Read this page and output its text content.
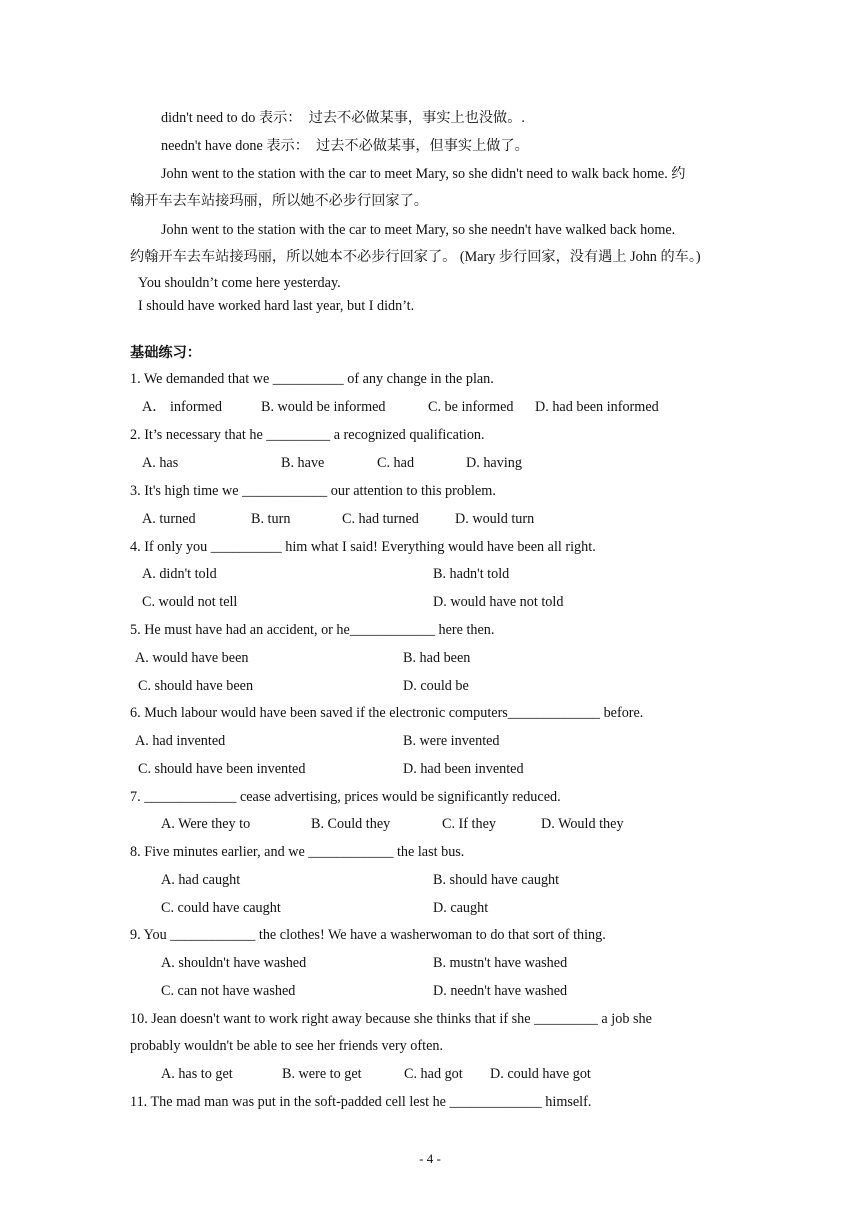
didn't need to do 表示：　过去不必做某事，事实上也没做。.
needn't have done 表示：　过去不必做某事，但事实上做了。
John went to the station with the car to meet Mary, so she didn't need to walk back home. 约
翰开车去车站接玛丽，所以她不必步行回家了。
John went to the station with the car to meet Mary, so she needn't have walked back home.
约翰开车去车站接玛丽，所以她本不必步行回家了。 (Mary 步行回家，没有遇上 John 的车。)
You shouldn’t come here yesterday.
I should have worked hard last year, but I didn’t.
基础练习：
1. We demanded that we __________ of any change in the plan.
A． informed	B. would be informed	C. be informed D. had been informed
2. It’s necessary that he _________ a recognized qualification.
A. has	B. have	C. had	D. having
3. It's high time we ____________ our attention to this problem.
A. turned	B. turn	C. had turned	D. would turn
4. If only you __________ him what I said! Everything would have been all right.
A. didn't told	B. hadn't told
C. would not tell	D. would have not told
5. He must have had an accident, or he____________ here then.
A. would have been	B. had been
C. should have been	D. could be
6. Much labour would have been saved if the electronic computers_____________ before.
A. had invented	B. were invented
C. should have been invented	D. had been invented
7. _____________ cease advertising, prices would be significantly reduced.
A. Were they to	B. Could they	C. If they	D. Would they
8. Five minutes earlier, and we ____________ the last bus.
A. had caught	B. should have caught
C. could have caught	D. caught
9. You ____________ the clothes! We have a washerwoman to do that sort of thing.
A. shouldn't have washed	B. mustn't have washed
C. can not have washed	D. needn't have washed
10. Jean doesn't want to work right away because she thinks that if she _________ a job she
probably wouldn't be able to see her friends very often.
A. has to get	B. were to get	C. had got D. could have got
11. The mad man was put in the soft-padded cell lest he _____________ himself.
- 4 -
